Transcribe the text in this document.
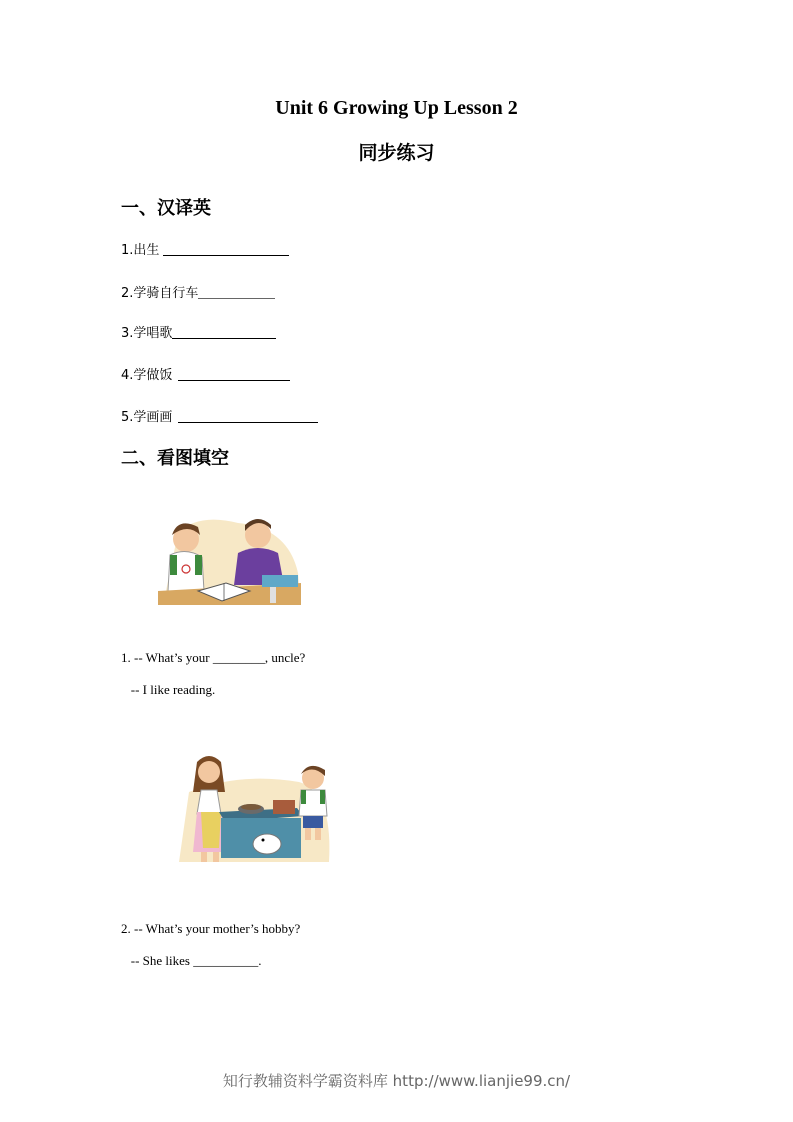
Unit 6 Growing Up Lesson 2
同步练习
一、汉译英
1.出生
2.学骑自行车
3.学唱歌
4.学做饭
5.学画画
二、看图填空
1. -- What’s your ________, uncle?
-- I like reading.
2. -- What’s your mother’s hobby?
-- She likes __________.
知行教辅资料学霸资料库 http://www.lianjie99.cn/
